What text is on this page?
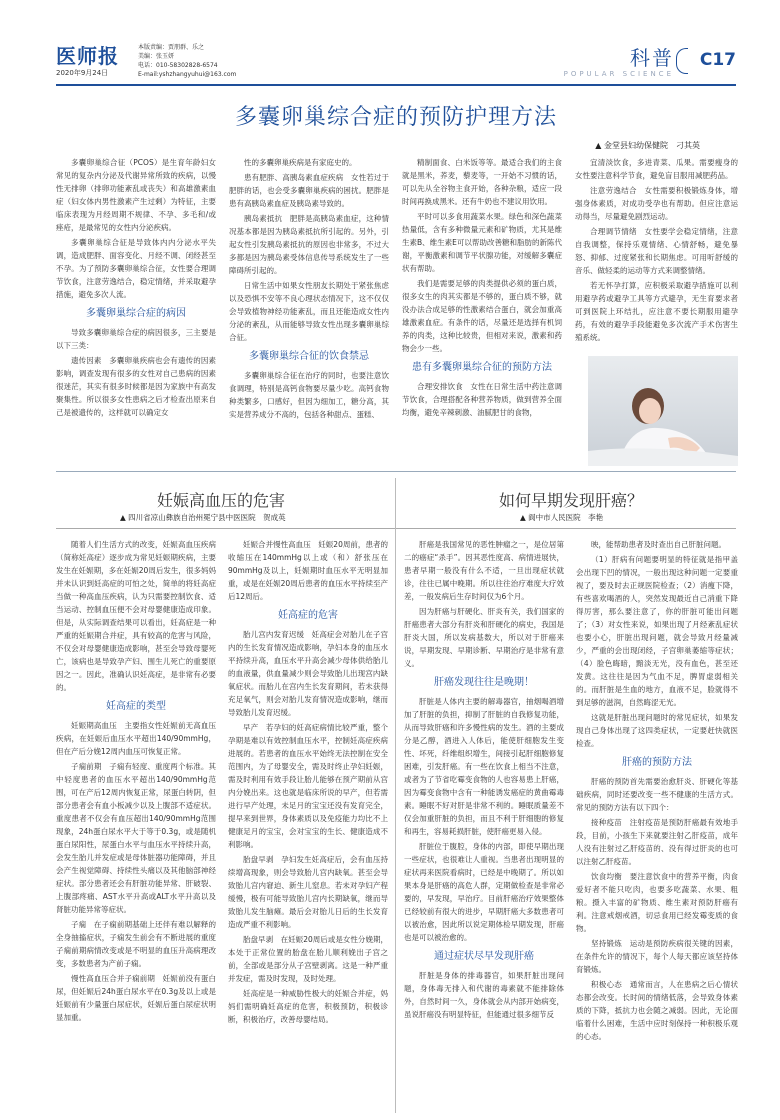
医师报
2020年9月24日
本版责编：贾朋群、乐之
美编：张玉妍
电话：010-58302828-6574
E-mail:yshzhangyuhui@163.com
科普
POPULAR SCIENCE
C17
多囊卵巢综合症的预防护理方法
▲ 金堂县妇幼保健院　刁其英

多囊卵巢综合征（PCOS）是生育年龄妇女常见的复杂内分泌及代谢异常所致的疾病，以慢性无排卵（排卵功能紊乱或丧失）和高雄激素血症（妇女体内男性激素产生过剩）为特征，主要临床表现为月经周期不规律、不孕、多毛和/或痤疮，是最常见的女性内分泌疾病。

多囊卵巢综合征是导致体内内分泌水平失调，造成肥胖、面容变化、月经不调、闭经甚至不孕。为了预防多囊卵巢综合征，女性要合理调节饮食，注意劳逸结合，稳定情绪，并采取避孕措施，避免多次人流。

多囊卵巢综合症的病因

导致多囊卵巢综合症的病因很多，三主要是以下三类：

遗传因素　多囊卵巢疾病也会有遗传的因素影响，调查发现有很多的女性对自己患病的因素很迷茫，其实有很多时候都是因为家族中有高发聚集性。所以很多女性患病之后才检查出原来自己是被遗传的，这样就可以确定女

性的多囊卵巢疾病是有家庭史的。

患有肥胖、高胰岛素血症疾病　女性若过于肥胖的话，也会受多囊卵巢疾病的困扰。肥胖是患有高胰岛素血症及胰岛素导致的。

胰岛素抵抗　肥胖是高胰岛素血症，这种情况基本都是因为胰岛素抵抗所引起的。另外，引起女性引发胰岛素抵抗的原因也非常多，不过大多都是因为胰岛素受体信息传导系统发生了一些障碍所引起的。

日常生活中如果女性朋友长期处于紧张焦虑以及恐惧不安等不良心理状态情况下，这不仅仅会导致植物神经功能紊乱，而且还能造成女性内分泌的紊乱，从而能够导致女性出现多囊卵巢综合征。

多囊卵巢综合征的饮食禁忌

多囊卵巢综合征在治疗的同时，也要注意饮食调理，特别是高钙食物要尽量少吃。高钙食物种类繁多，口感好，但因为细加工，糖分高，其实是营养成分不高的，包括各种甜点、蛋糕、

精制面食、白米饭等等。最适合我们的主食就是黑米，荞麦，藜麦等，一开始不习惯的话，可以先从全谷物主食开始，各种杂粮，适应一段时间再换成黑米。还有牛奶也不建议用饮用。

平时可以多食用蔬菜水果。绿色和深色蔬菜热量低，含有多种微量元素和矿物质，尤其是维生素B、维生素E可以帮助改善糖和脂肪的新陈代谢，平衡激素和调节平状腺功能，对缓解多囊症状有帮助。

我们是需要足够的肉类提供必须的蛋白质，很多女生的肉其实都是不够的，蛋白质不够，就没办法合成足够的性激素结合蛋白，就会加重高雄激素血症。有条件的话，尽量还是选择有机饲养的肉类，这种比较贵，但相对来说，激素和药物会少一些。

患有多囊卵巢综合征的预防方法

合理安排饮食　女性在日常生活中药注意调节饮食，合理搭配各种营养物质，做到营养全面均衡，避免辛辣刺激、油腻肥甘的食物，

宜清淡饮食，多进青菜、瓜果。需要瘦身的女性要注意科学节食，避免盲目服用减肥药品。

注意劳逸结合　女性需要积极锻炼身体，增强身体素质，对成功受孕也有帮助。但应注意运动得当，尽量避免剧烈运动。

合理调节情绪　女性要学会稳定情绪，注意自我调整，保持乐观情绪、心情舒畅，避免暴怒、抑郁、过度紧张和长期焦虑。可用听舒缓的音乐、做轻柔的运动等方式来调整情绪。

若无怀孕打算，应积极采取避孕措施可以利用避孕药或避孕工具等方式避孕，无生育要求者可到医院上环结扎，应注意不要长期服用避孕药，有效的避孕手段能避免多次流产手术伤害生殖系统。

妊娠高血压的危害	如何早期发现肝癌？
▲ 四川省凉山彝族自治州冕宁县中医医院　贺成英	▲ 阆中市人民医院　李艳

随着人们生活方式的改变，妊娠高血压疾病（简称妊高症）逐步成为常见妊娠期疾病，主要发生在妊娠期，多在妊娠20周后发生，很多妈妈并未认识到妊高症的可怕之处，简单的将妊高症当做一种高血压疾病，认为只需要控制饮食、适当运动、控制血压便不会对母婴健康造成印象。但是，从实际调查结果可以看出，妊高症是一种严重的妊娠期合并症，具有较高的危害与风险，不仅会对母婴健康造成影响，甚至会导致母婴死亡，该病也是导致孕产妇、围生儿死亡的重要原因之一。因此，准确认识妊高症，是非常有必要的。

妊高症的类型

妊娠期高血压　主要指女性妊娠前无高血压疾病，在妊娠后血压水平超出140/90mmHg，但在产后分娩12周内血压可恢复正常。

子痫前期　子痫有轻度、重度两个标准。其中轻度患者的血压水平超出140/90mmHg范围，可在产后12周内恢复正常，尿蛋白转阴，但部分患者会有血小板减少以及上腹部不适症状。重度患者不仅会有血压超出140/90mmHg范围现象，24h蛋白尿水平大于等于0.3g，或是随机蛋白尿阳性，尿蛋白水平与血压水平持续升高，会发生胎儿并发症或是母体脏器功能障碍，并且会产生视觉障碍、持续性头痛以及其他脑部神经症状。部分患者还会有肝脏功能异常、肝破裂、上腹部疼痛、AST水平升高或ALT水平升高以及肾脏功能异常等症状。

子痫　在子痫前期基础上还伴有难以解释的全身抽搐症状，子痫发生前会有不断进展的重度子痫前期病情改变或是不明显的血压升高病理改变，多数患者为产前子痫。

慢性高血压合并子痫前期　妊娠前没有蛋白尿，但妊娠后24h蛋白尿水平在0.3g及以上或是妊娠前有少量蛋白尿症状，妊娠后蛋白尿症状明显加重。

妊娠合并慢性高血压　妊娠20周前，患者的收缩压在140mmHg以上或（和）舒张压在90mmHg及以上，妊娠期时血压水平无明显加重，或是在妊娠20周后患者的血压水平持续至产后12周后。

妊高症的危害

胎儿宫内发育迟缓　妊高症会对胎儿在子宫内的生长发育情况造成影响，孕妇本身的血压水平持续升高，血压水平升高会减少母体供给胎儿的血液量，供血量减少则会导致胎儿出现宫内缺氧症状。而胎儿在宫内生长发育期间，若未获得充足氧气，则会对胎儿发育情况造成影响，继而导致胎儿发育迟缓。

早产　若孕妇的妊高症病情比较严重，整个孕期是难以有效控制血压水平，控制妊高症疾病进展的。若患者的血压水平始终无法控制在安全范围内，为了母婴安全，需及时终止孕妇妊娠，需及时利用有效手段让胎儿能够在预产期前从宫内分娩出来。这也就是临床所说的早产，但若需进行早产处理，未足月的宝宝还没有发育完全，提早来到世界，身体素质以及免疫能力均比不上健康足月的宝宝，会对宝宝的生长、健康造成不利影响。

胎盘早剥　孕妇发生妊高症后，会有血压持续增高现象，则会导致胎儿宫内缺氧。甚至会导致胎儿宫内窘迫、新生儿窒息。若未对孕妇产程缓慢，极有可能导致胎儿宫内长期缺氧，继而导致胎儿发生脑瘫。最后会对胎儿日后的生长发育造成严重不利影响。

胎盘早剥　在妊娠20周后或是女性分娩期，本处于正常位置的胎盘在胎儿顺利娩出子宫之前，全部或是部分从子宫壁剥离。这是一种严重并发症，需及时发现，及时处理。

妊高症是一种威胁性极大的妊娠合并症，妈妈们需明确妊高症的危害，积极预防，积极诊断，积极治疗，改善母婴结局。

肝癌是我国常见的恶性肿瘤之一，是位居第二的癌症“杀手”。因其恶性度高、病情进展快，患者早期一般没有什么不适，一旦出现症状就诊，往往已属中晚期。所以往往治疗难度大疗效差，一般发病后生存时间仅为6个月。

因为肝癌与肝硬化、肝炎有关，我们国家的肝癌患者大部分有肝炎和肝硬化的病史，我国是肝炎大国，所以发病基数大，所以对于肝癌来说，早期发现、早期诊断、早期治疗是非常有意义。

肝癌发现往往是晚期！

肝脏是人体内主要的解毒器官，抽烟喝酒增加了肝脏的负担，抑制了肝脏的自我修复功能，从而导致肝癌和许多慢性病的发生。酒的主要成分是乙醇，酒进入人体后，能使肝细胞发生变性、坏死，纤维组织增生，间接引起肝细胞修复困难，引发肝癌。有一些在饮食上相当不注意，或者为了节省吃霉变食物的人也容易患上肝癌，因为霉变食物中含有一种能诱发癌症的黄曲霉毒素。睡眠不好对肝是非常不利的。睡眠质量差不仅会加重肝脏的负担，而且不利于肝细胞的修复和再生，容易耗损肝脏，使肝癌更易入侵。

肝脏位于腹腔，身体的内部，即使早期出现一些症状，也很难让人重视。当患者出现明显的症状再来医院看病时，已经是中晚期了。所以如果本身是肝癌的高危人群，定期做检查是非常必要的，早发现，早治疗。目前肝癌治疗效果整体已经较前有很大的进步，早期肝癌大多数患者可以被治愈，因此所以说定期体检早期发现，肝癌也是可以被治愈的。

通过症状尽早发现肝癌

肝脏是身体的排毒器官，如果肝脏出现问题，身体毒无排入和代谢的毒素就不能排除体外，自然时间一久，身体就会从内部开始病变，虽说肝癌没有明显特征，但能通过很多细节反

映，能帮助患者及时查出自己肝脏问题。

（1）肝病有问题要明显的特征就是指甲盖会出现下凹的情况，一般出现这种问题一定要重视了，要及时去正规医院检查；（2）消瘦下降，有些喜欢喝酒的人，突然发现最近自己消重下降得厉害，那么要注意了，你的肝脏可能出问题了；（3）对女性来说，如果出现了月经紊乱症状也要小心，肝脏出现问题，就会导致月经量减少，严重的会出现闭经，子宫卵巢萎缩等症状；（4）脸色晦暗，黯淡无光，没有血色，甚至还发黄。这往往是因为气血不足，脾胃虚弱相关的。而肝脏是生血的地方，血液不足，脸就得不到足够的滋润，自然晦涩无光。

这就是肝脏出现问题时的常见症状，如果发现自己身体出现了这四类症状，一定要赶快就医检查。

肝癌的预防方法

肝癌的预防首先需要治愈肝炎、肝硬化等基础疾病，同时还要改变一些不健康的生活方式。常见的预防方法有以下四个：

接种疫苗　注射疫苗是预防肝癌最有效地手段，目前，小孩生下来就要注射乙肝疫苗，成年人没有注射过乙肝疫苗的、没有得过肝炎的也可以注射乙肝疫苗。

饮食均衡　要注意饮食中的营养平衡，肉食爱好者不能只吃肉，也要多吃蔬菜、水果、粗粮。摄入丰富的矿物质、维生素对预防肝癌有利。注意戒烟戒酒，切忌食用已经发霉变质的食物。

坚持锻炼　运动是预防疾病很关键的因素，在条件允许的情况下，每个人每天都应该坚持体育锻炼。

积极心态　通常而言，人在患病之后心情状态都会改变。长时间的情绪低落，会导致身体素质的下降，抵抗力也会随之减弱。因此，无论面临着什么困难，生活中应时刻保持一种积极乐观的心态。
